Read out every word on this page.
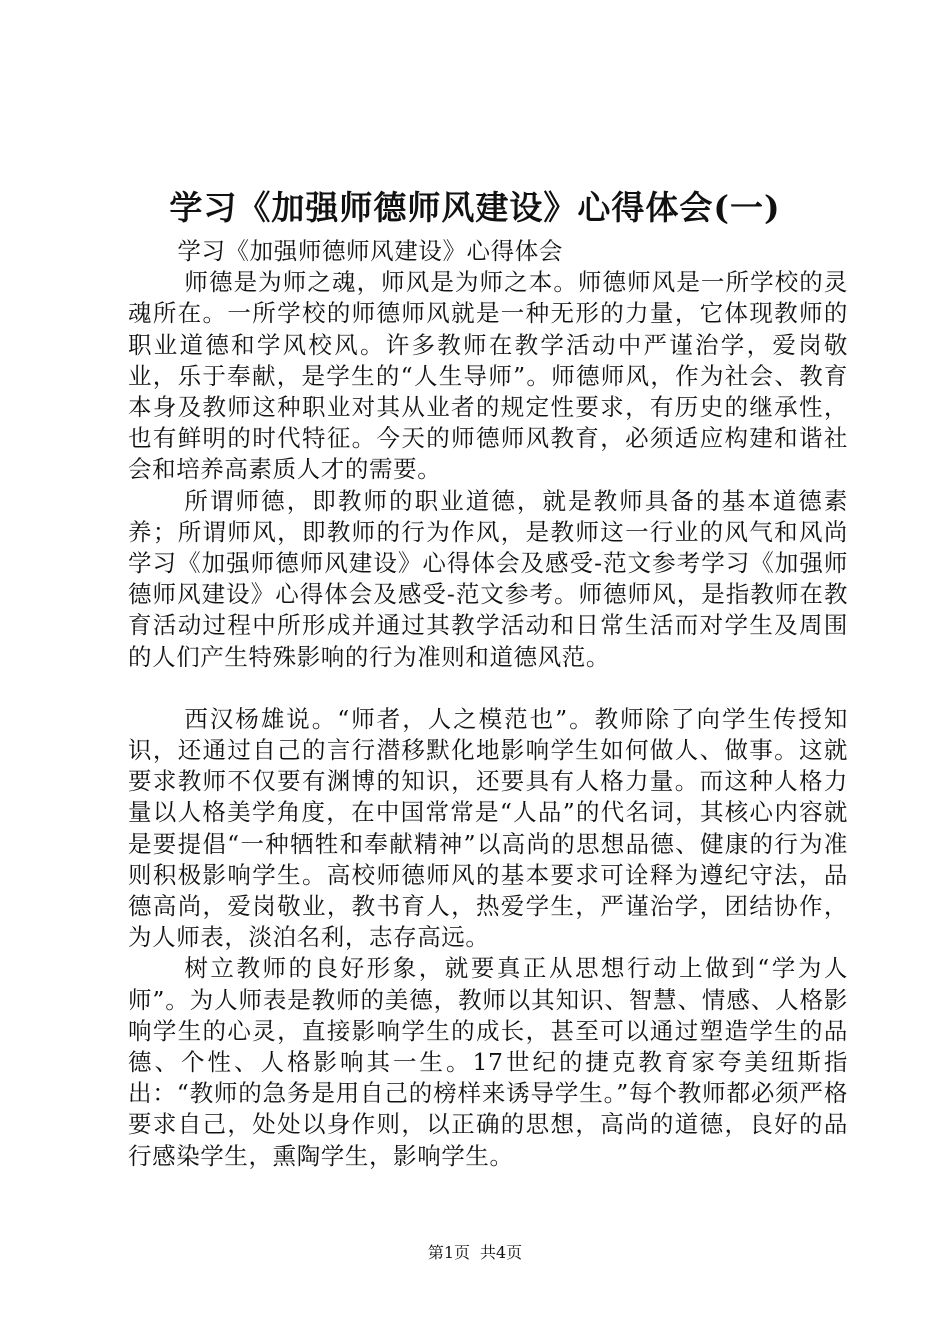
学习《加强师德师风建设》心得体会(一)

学习《加强师德师风建设》心得体会

师德是为师之魂，师风是为师之本。师德师风是一所学校的灵魂所在。一所学校的师德师风就是一种无形的力量，它体现教师的职业道德和学风校风。许多教师在教学活动中严谨治学，爱岗敬业，乐于奉献，是学生的“人生导师”。师德师风，作为社会、教育本身及教师这种职业对其从业者的规定性要求，有历史的继承性，也有鲜明的时代特征。今天的师德师风教育，必须适应构建和谐社会和培养高素质人才的需要。

所谓师德，即教师的职业道德，就是教师具备的基本道德素养；所谓师风，即教师的行为作风，是教师这一行业的风气和风尚学习《加强师德师风建设》心得体会及感受-范文参考学习《加强师德师风建设》心得体会及感受-范文参考。师德师风，是指教师在教育活动过程中所形成并通过其教学活动和日常生活而对学生及周围的人们产生特殊影响的行为准则和道德风范。

西汉杨雄说。“师者，人之模范也”。教师除了向学生传授知识，还通过自己的言行潜移默化地影响学生如何做人、做事。这就要求教师不仅要有渊博的知识，还要具有人格力量。而这种人格力量以人格美学角度，在中国常常是“人品”的代名词，其核心内容就是要提倡“一种牺牲和奉献精神”以高尚的思想品德、健康的行为准则积极影响学生。高校师德师风的基本要求可诠释为遵纪守法，品德高尚，爱岗敬业，教书育人，热爱学生，严谨治学，团结协作，为人师表，淡泊名利，志存高远。

树立教师的良好形象，就要真正从思想行动上做到“学为人师”。为人师表是教师的美德，教师以其知识、智慧、情感、人格影响学生的心灵，直接影响学生的成长，甚至可以通过塑造学生的品德、个性、人格影响其一生。17世纪的捷克教育家夸美纽斯指出：“教师的急务是用自己的榜样来诱导学生。”每个教师都必须严格要求自己，处处以身作则，以正确的思想，高尚的道德，良好的品行感染学生，熏陶学生，影响学生。

第1页 共4页
